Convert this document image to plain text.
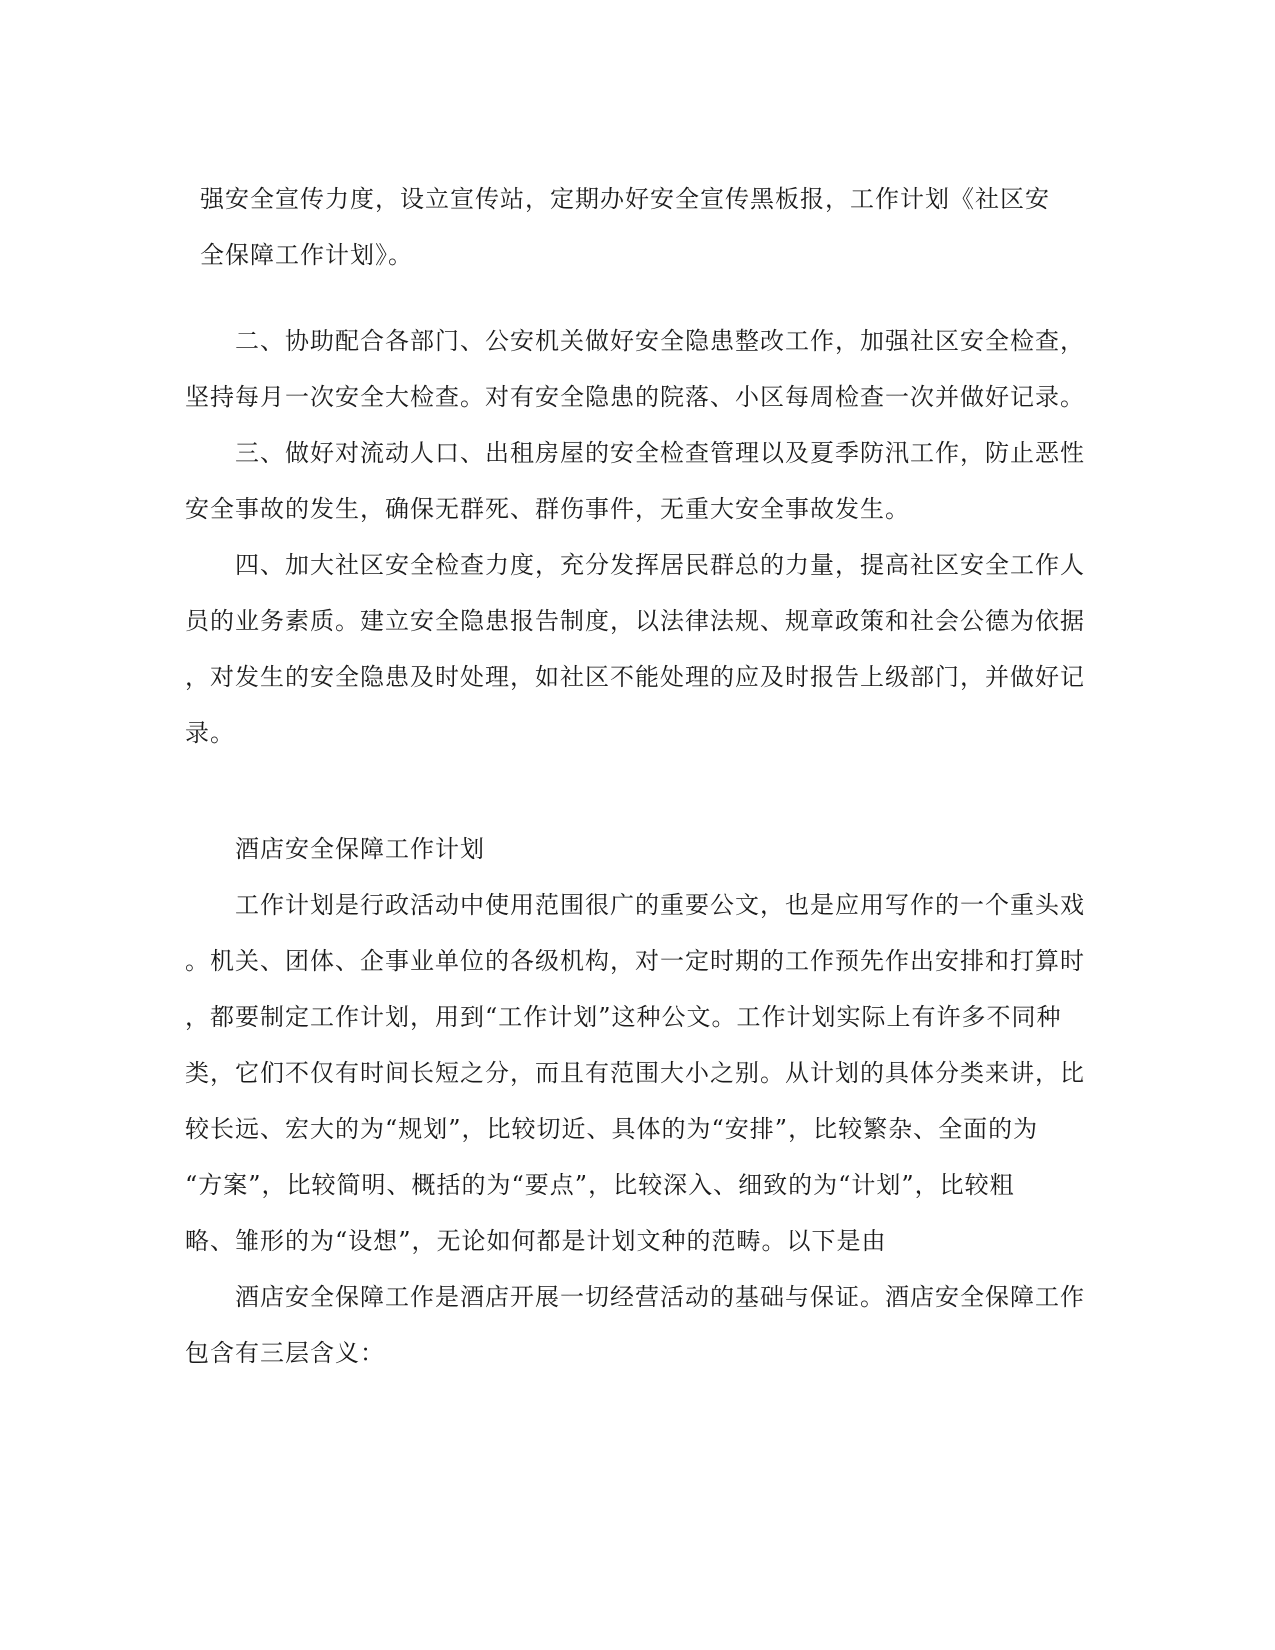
强安全宣传力度，设立宣传站，定期办好安全宣传黑板报，工作计划《社区安
全保障工作计划》。
二、协助配合各部门、公安机关做好安全隐患整改工作，加强社区安全检查，
坚持每月一次安全大检查。对有安全隐患的院落、小区每周检查一次并做好记录。
三、做好对流动人口、出租房屋的安全检查管理以及夏季防汛工作，防止恶性
安全事故的发生，确保无群死、群伤事件，无重大安全事故发生。
四、加大社区安全检查力度，充分发挥居民群总的力量，提高社区安全工作人
员的业务素质。建立安全隐患报告制度，以法律法规、规章政策和社会公德为依据
，对发生的安全隐患及时处理，如社区不能处理的应及时报告上级部门，并做好记
录。
酒店安全保障工作计划
工作计划是行政活动中使用范围很广的重要公文，也是应用写作的一个重头戏
。机关、团体、企事业单位的各级机构，对一定时期的工作预先作出安排和打算时
，都要制定工作计划，用到“工作计划”这种公文。工作计划实际上有许多不同种
类，它们不仅有时间长短之分，而且有范围大小之别。从计划的具体分类来讲，比
较长远、宏大的为“规划”，比较切近、具体的为“安排”，比较繁杂、全面的为
“方案”，比较简明、概括的为“要点”，比较深入、细致的为“计划”，比较粗
略、雏形的为“设想”，无论如何都是计划文种的范畴。以下是由
酒店安全保障工作是酒店开展一切经营活动的基础与保证。酒店安全保障工作
包含有三层含义：
